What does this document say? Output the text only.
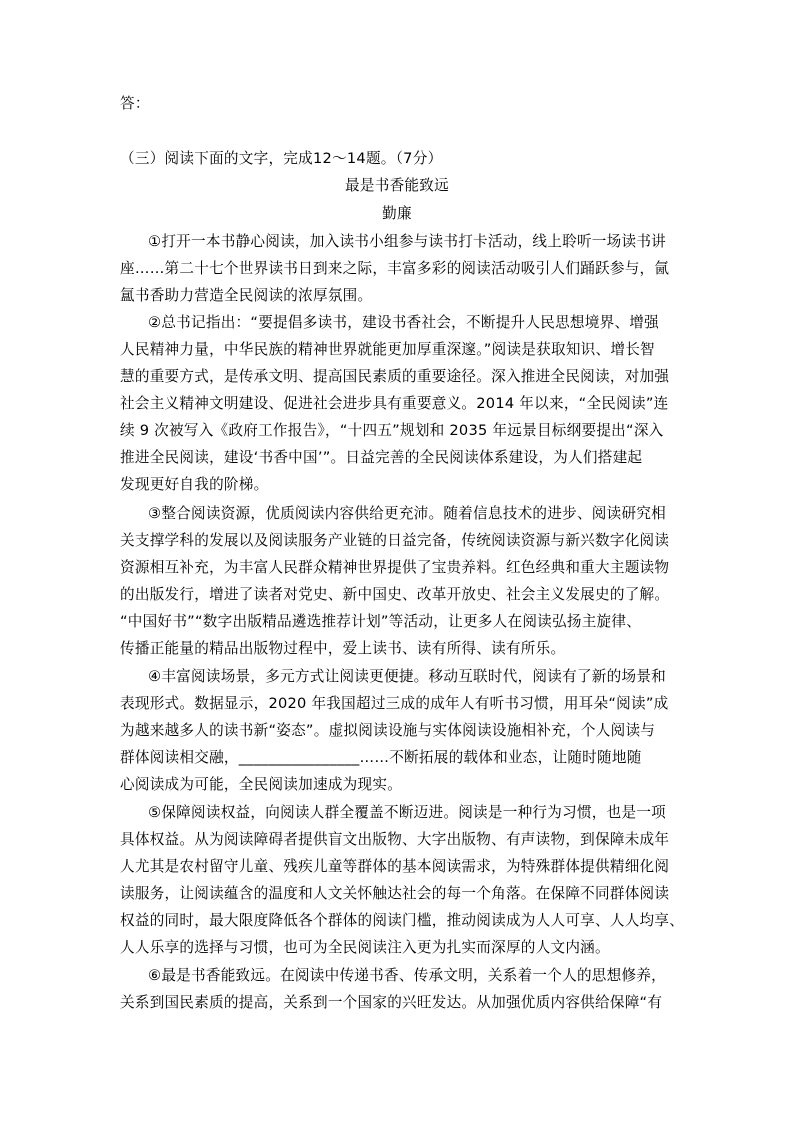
答：
（三）阅读下面的文字，完成12～14题。（7分）
最是书香能致远
勤廉
①打开一本书静心阅读，加入读书小组参与读书打卡活动，线上聆听一场读书讲
座……第二十七个世界读书日到来之际，丰富多彩的阅读活动吸引人们踊跃参与，氤
氲书香助力营造全民阅读的浓厚氛围。
②总书记指出：“要提倡多读书，建设书香社会，不断提升人民思想境界、增强
人民精神力量，中华民族的精神世界就能更加厚重深邃。”阅读是获取知识、增长智
慧的重要方式，是传承文明、提高国民素质的重要途径。深入推进全民阅读，对加强
社会主义精神文明建设、促进社会进步具有重要意义。2014 年以来，“全民阅读”连
续 9 次被写入《政府工作报告》，“十四五”规划和 2035 年远景目标纲要提出“深入
推进全民阅读，建设‘书香中国’”。日益完善的全民阅读体系建设，为人们搭建起
发现更好自我的阶梯。
③整合阅读资源，优质阅读内容供给更充沛。随着信息技术的进步、阅读研究相
关支撑学科的发展以及阅读服务产业链的日益完备，传统阅读资源与新兴数字化阅读
资源相互补充，为丰富人民群众精神世界提供了宝贵养料。红色经典和重大主题读物
的出版发行，增进了读者对党史、新中国史、改革开放史、社会主义发展史的了解。
“中国好书”“数字出版精品遴选推荐计划”等活动，让更多人在阅读弘扬主旋律、
传播正能量的精品出版物过程中，爱上读书、读有所得、读有所乐。
④丰富阅读场景，多元方式让阅读更便捷。移动互联时代，阅读有了新的场景和
表现形式。数据显示，2020 年我国超过三成的成年人有听书习惯，用耳朵“阅读”成
为越来越多人的读书新“姿态”。虚拟阅读设施与实体阅读设施相补充，个人阅读与
群体阅读相交融，________________……不断拓展的载体和业态，让随时随地随
心阅读成为可能，全民阅读加速成为现实。
⑤保障阅读权益，向阅读人群全覆盖不断迈进。阅读是一种行为习惯，也是一项
具体权益。从为阅读障碍者提供盲文出版物、大字出版物、有声读物，到保障未成年
人尤其是农村留守儿童、残疾儿童等群体的基本阅读需求，为特殊群体提供精细化阅
读服务，让阅读蕴含的温度和人文关怀触达社会的每一个角落。在保障不同群体阅读
权益的同时，最大限度降低各个群体的阅读门槛，推动阅读成为人人可享、人人均享、
人人乐享的选择与习惯，也可为全民阅读注入更为扎实而深厚的人文内涵。
⑥最是书香能致远。在阅读中传递书香、传承文明，关系着一个人的思想修养，
关系到国民素质的提高，关系到一个国家的兴旺发达。从加强优质内容供给保障“有
